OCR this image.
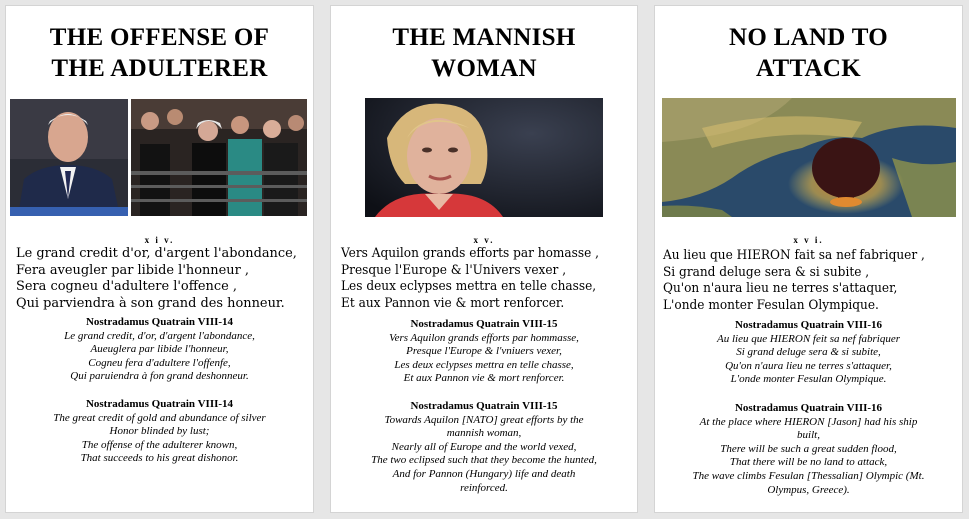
THE OFFENSE OF
THE ADULTERER
x i v.
Le grand credit d'or, d'argent l'abondance,
Fera aveugler par libide l'honneur ,
Sera cogneu d'adultere l'offence ,
Qui parviendra à son grand des honneur.
Nostradamus Quatrain VIII-14
Le grand credit, d'or, d'argent l'abondance,
Aueuglera par libide l'honneur,
Cogneu fera d'adultere l'offenfe,
Qui paruiendra à fon grand deshonneur.
Nostradamus Quatrain VIII-14
The great credit of gold and abundance of silver
Honor blinded by lust;
The offense of the adulterer known,
That succeeds to his great dishonor.
THE MANNISH
WOMAN
x v.
Vers Aquilon grands efforts par homasse ,
Presque l'Europe & l'Univers vexer ,
Les deux eclypses mettra en telle chasse,
Et aux Pannon vie & mort renforcer.
Nostradamus Quatrain VIII-15
Vers Aquilon grands efforts par hommasse,
Presque l'Europe & l'vniuers vexer,
Les deux eclypses mettra en telle chasse,
Et aux Pannon vie & mort renforcer.
Nostradamus Quatrain VIII-15
Towards Aquilon [NATO] great efforts by the
mannish woman,
Nearly all of Europe and the world vexed,
The two eclipsed such that they become the hunted,
And for Pannon (Hungary) life and death
reinforced.
NO LAND TO
ATTACK
x v i.
Au lieu que HIERON fait sa nef fabriquer ,
Si grand deluge sera & si subite ,
Qu'on n'aura lieu ne terres s'attaquer,
L'onde monter Fesulan Olympique.
Nostradamus Quatrain VIII-16
Au lieu que HIERON feit sa nef fabriquer
Si grand deluge sera & si subite,
Qu'on n'aura lieu ne terres s'attaquer,
L'onde monter Fesulan Olympique.
Nostradamus Quatrain VIII-16
At the place where HIERON [Jason] had his ship
built,
There will be such a great sudden flood,
That there will be no land to attack,
The wave climbs Fesulan [Thessalian] Olympic (Mt.
Olympus, Greece).
